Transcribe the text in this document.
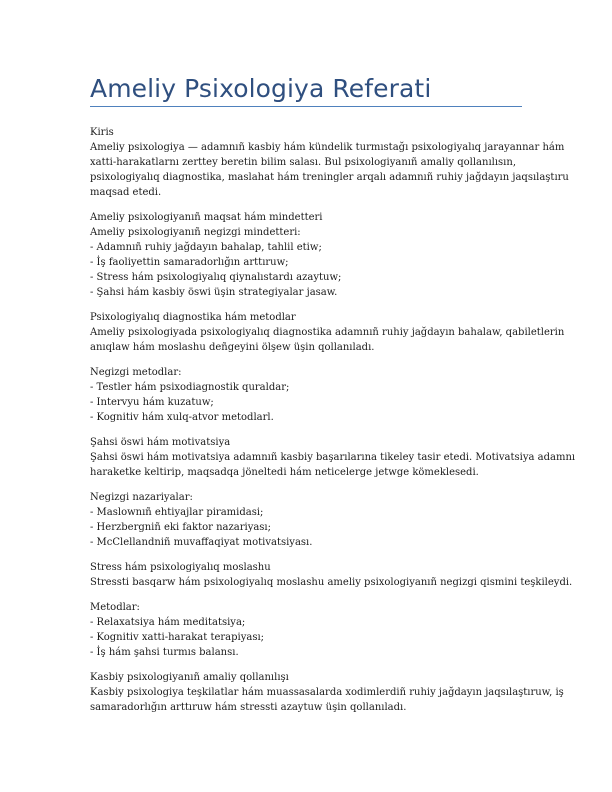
Ameliy Psixologiya Referati

Kiris
Ameliy psixologiya — adamnıñ kasbiy hám kündelik turmıstağı psixologiyalıq jarayannar hám
xatti-harakatlarnı zerttey beretin bilim salası. Bul psixologiyanıñ amaliy qollanılısın,
psixologiyalıq diagnostika, maslahat hám treningler arqalı adamnıñ ruhiy jağdayın jaqsılaştıru
maqsad etedi.

Ameliy psixologiyanıñ maqsat hám mindetteri
Ameliy psixologiyanıñ negizgi mindetteri:
- Adamnıñ ruhiy jağdayın bahalap, tahlil etiw;
- İş faoliyettin samaradorlığın arttıruw;
- Stress hám psixologiyalıq qiynalıstardı azaytuw;
- Şahsi hám kasbiy öswi üşin strategiyalar jasaw.

Psixologiyalıq diagnostika hám metodlar
Ameliy psixologiyada psixologiyalıq diagnostika adamnıñ ruhiy jağdayın bahalaw, qabiletlerin
anıqlaw hám moslashu deñgeyini ölşew üşin qollanıladı.

Negizgi metodlar:
- Testler hám psixodiagnostik quraldar;
- Intervyu hám kuzatuw;
- Kognitiv hám xulq-atvor metodlarl.

Şahsi öswi hám motivatsiya
Şahsi öswi hám motivatsiya adamnıñ kasbiy başarılarına tikeley tasir etedi. Motivatsiya adamnı
haraketke keltirip, maqsadqa jöneltedi hám neticelerge jetwge kömeklesedi.

Negizgi nazariyalar:
- Maslownıñ ehtiyajlar piramidasi;
- Herzbergniñ eki faktor nazariyası;
- McClellandniñ muvaffaqiyat motivatsiyası.

Stress hám psixologiyalıq moslashu
Stressti basqarw hám psixologiyalıq moslashu ameliy psixologiyanıñ negizgi qismini teşkileydi.

Metodlar:
- Relaxatsiya hám meditatsiya;
- Kognitiv xatti-harakat terapiyası;
- İş hám şahsi turmıs balansı.

Kasbiy psixologiyanıñ amaliy qollanılışı
Kasbiy psixologiya teşkilatlar hám muassasalarda xodimlerdiñ ruhiy jağdayın jaqsılaştıruw, iş
samaradorlığın arttıruw hám stressti azaytuw üşin qollanıladı.
